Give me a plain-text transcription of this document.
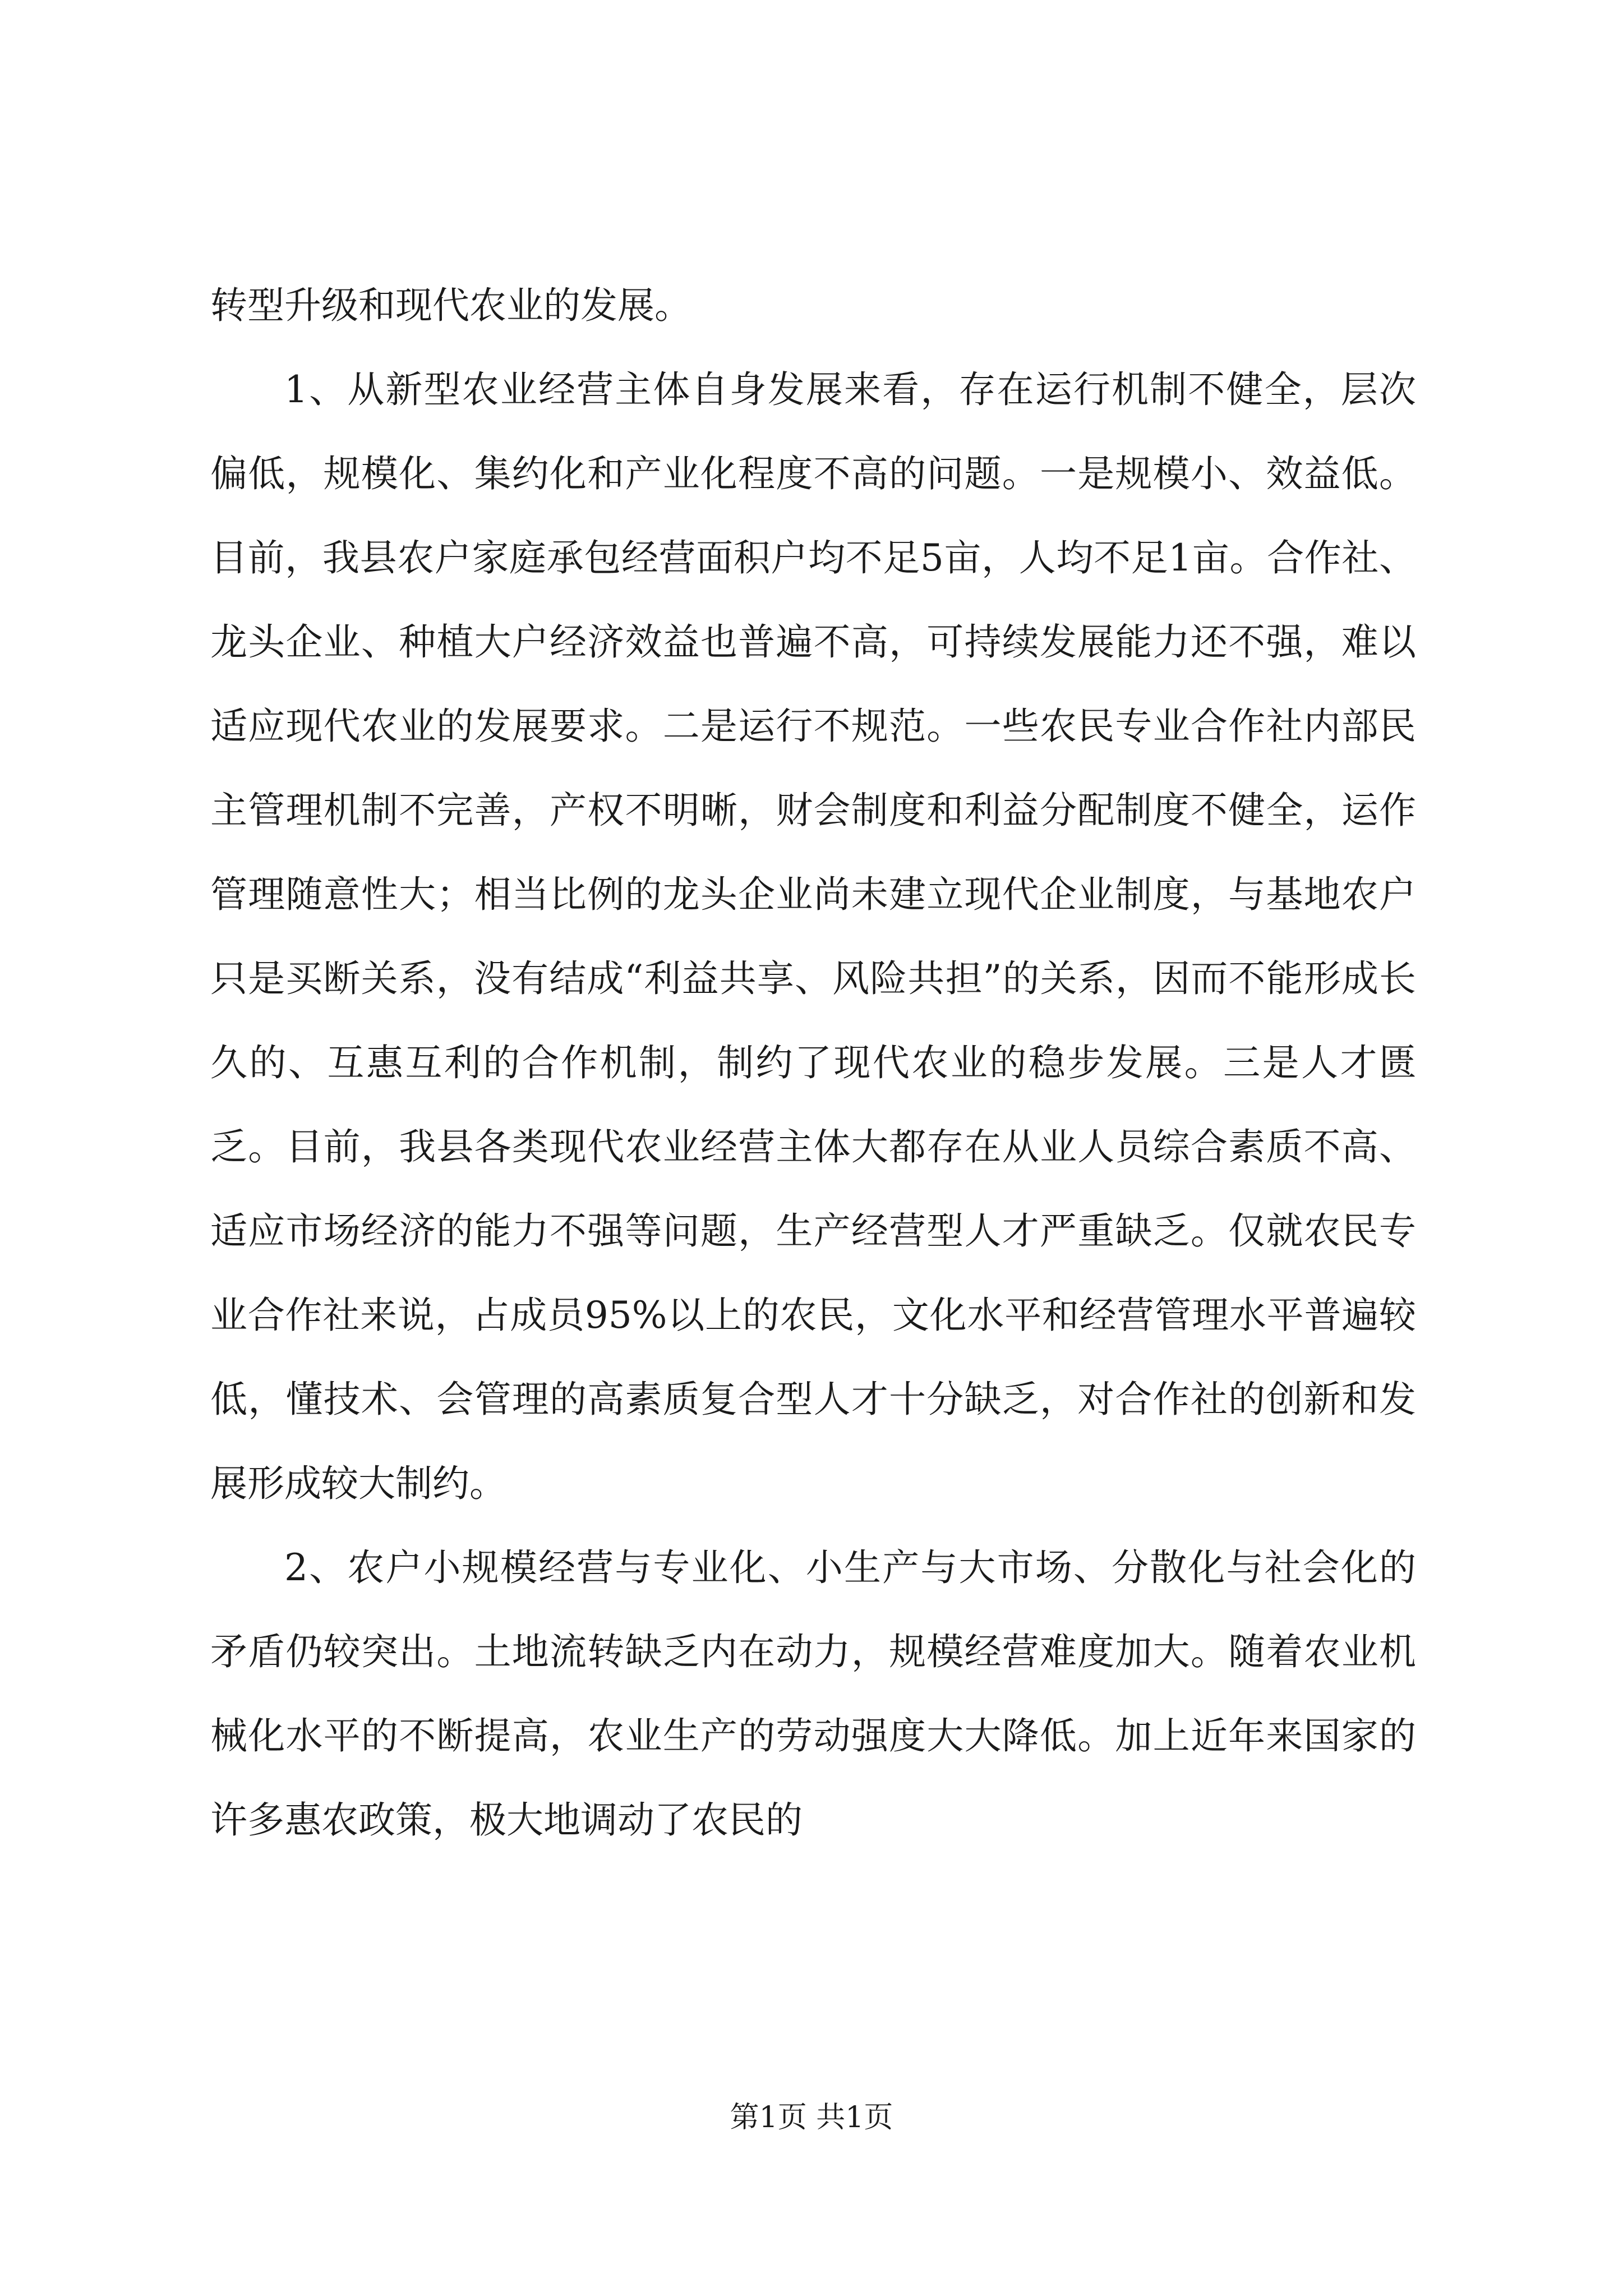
转型升级和现代农业的发展。

1、从新型农业经营主体自身发展来看，存在运行机制不健全，层次偏低，规模化、集约化和产业化程度不高的问题。一是规模小、效益低。目前，我县农户家庭承包经营面积户均不足5亩，人均不足1亩。合作社、龙头企业、种植大户经济效益也普遍不高，可持续发展能力还不强，难以适应现代农业的发展要求。二是运行不规范。一些农民专业合作社内部民主管理机制不完善，产权不明晰，财会制度和利益分配制度不健全，运作管理随意性大；相当比例的龙头企业尚未建立现代企业制度，与基地农户只是买断关系，没有结成“利益共享、风险共担”的关系，因而不能形成长久的、互惠互利的合作机制，制约了现代农业的稳步发展。三是人才匮乏。目前，我县各类现代农业经营主体大都存在从业人员综合素质不高、适应市场经济的能力不强等问题，生产经营型人才严重缺乏。仅就农民专业合作社来说，占成员95%以上的农民，文化水平和经营管理水平普遍较低，懂技术、会管理的高素质复合型人才十分缺乏，对合作社的创新和发展形成较大制约。

2、农户小规模经营与专业化、小生产与大市场、分散化与社会化的矛盾仍较突出。土地流转缺乏内在动力，规模经营难度加大。随着农业机械化水平的不断提高，农业生产的劳动强度大大降低。加上近年来国家的许多惠农政策，极大地调动了农民的

第1页 共1页
